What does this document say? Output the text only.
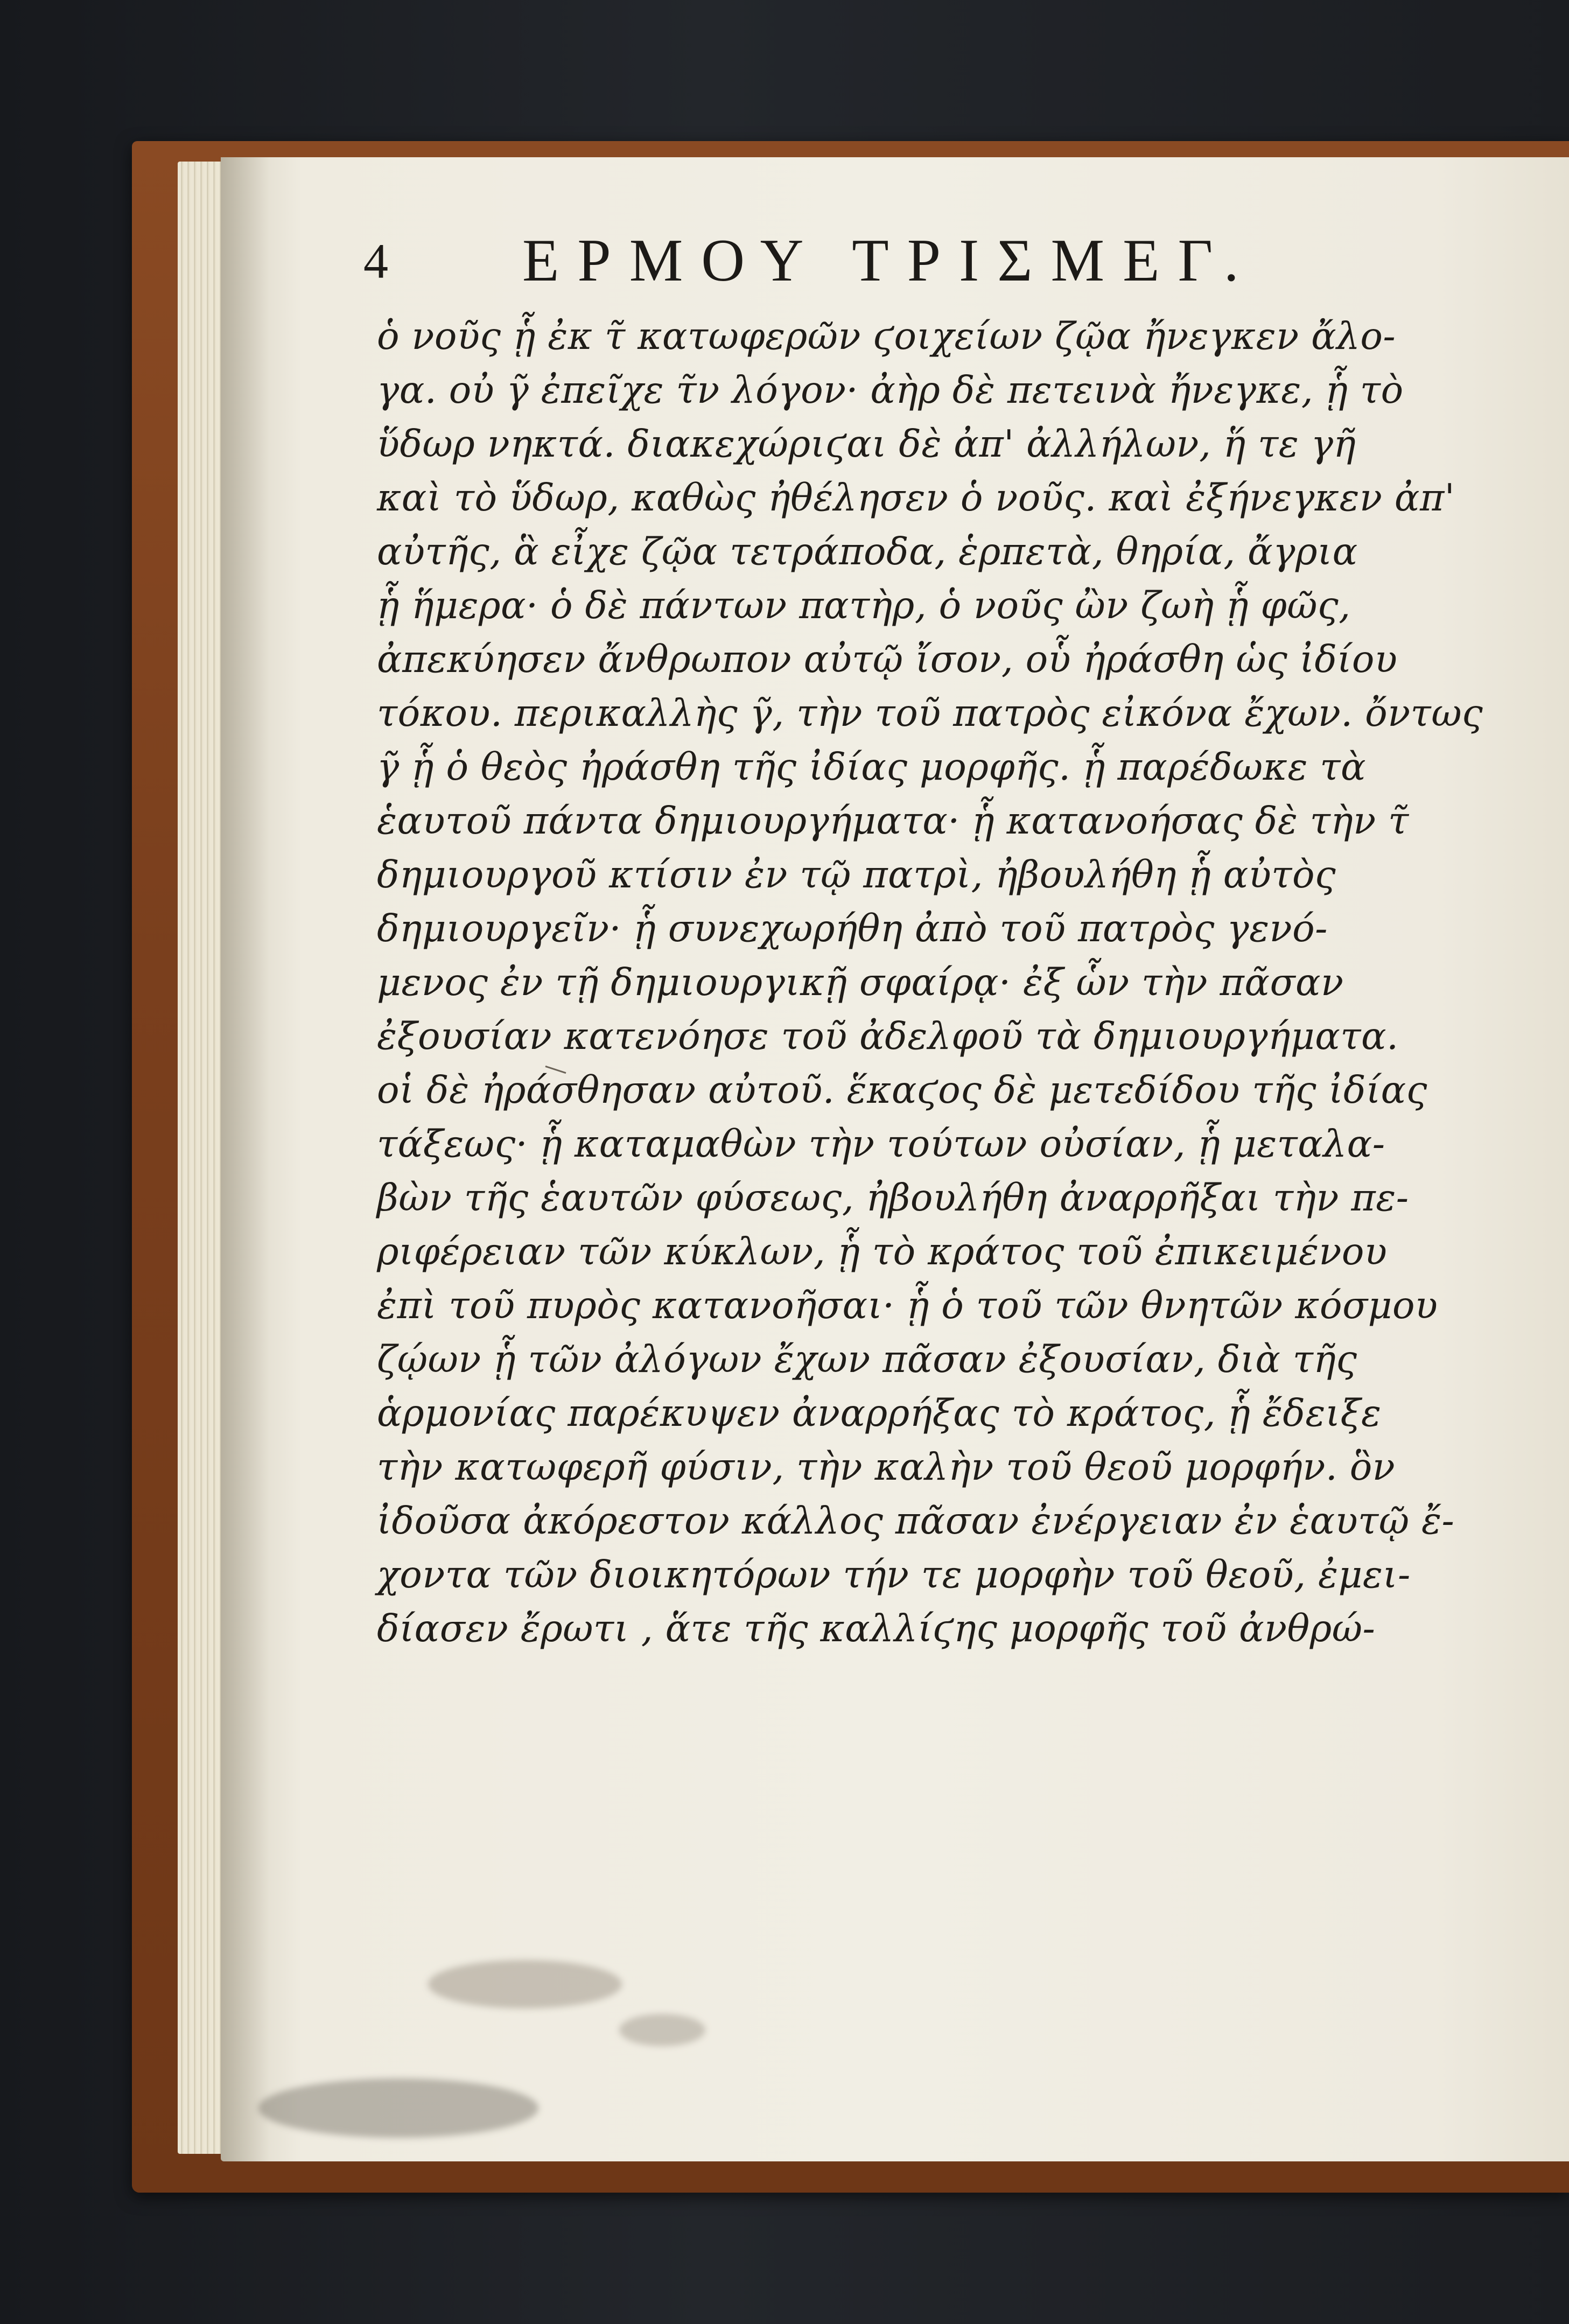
4 ΕΡΜΟΥ ΤΡΙΣΜΕΓ.
ὁ νοῦς ᾗ ἐκ τ̃ κατωφερῶν ϛοιχείων ζῷα ἤνεγκεν ἄλο-
γα. οὐ γ̃ ἐπεῖχε τ̃ν λόγον· ἀὴρ δὲ πετεινὰ ἤνεγκε, ᾗ τὸ
ὕδωρ νηκτά. διακεχώριϛαι δὲ ἀπ' ἀλλήλων, ἥ τε γῆ
καὶ τὸ ὕδωρ, καθὼς ἠθέλησεν ὁ νοῦς. καὶ ἐξήνεγκεν ἀπ'
αὐτῆς, ἃ εἶχε ζῷα τετράποδα, ἑρπετὰ, θηρία, ἄγρια
ᾗ ἥμερα· ὁ δὲ πάντων πατὴρ, ὁ νοῦς ὢν ζωὴ ᾗ φῶς,
ἀπεκύησεν ἄνθρωπον αὐτῷ ἴσον, οὗ ἠράσθη ὡς ἰδίου
τόκου. περικαλλὴς γ̃, τὴν τοῦ πατρὸς εἰκόνα ἔχων. ὄντως
γ̃ ᾗ ὁ θεὸς ἠράσθη τῆς ἰδίας μορφῆς. ᾗ παρέδωκε τὰ
ἑαυτοῦ πάντα δημιουργήματα· ᾗ κατανοήσας δὲ τὴν τ̃
δημιουργοῦ κτίσιν ἐν τῷ πατρὶ, ἠβουλήθη ᾗ αὐτὸς
δημιουργεῖν· ᾗ συνεχωρήθη ἀπὸ τοῦ πατρὸς γενό-
μενος ἐν τῇ δημιουργικῇ σφαίρᾳ· ἐξ ὧν τὴν πᾶσαν
ἐξουσίαν κατενόησε τοῦ ἀδελφοῦ τὰ δημιουργήματα.
οἱ δὲ ἠράσθησαν αὐτοῦ. ἕκαϛος δὲ μετεδίδου τῆς ἰδίας
τάξεως· ᾗ καταμαθὼν τὴν τούτων οὐσίαν, ᾗ μεταλα-
βὼν τῆς ἑαυτῶν φύσεως, ἠβουλήθη ἀναρρῆξαι τὴν πε-
ριφέρειαν τῶν κύκλων, ᾗ τὸ κράτος τοῦ ἐπικειμένου
ἐπὶ τοῦ πυρὸς κατανοῆσαι· ᾗ ὁ τοῦ τῶν θνητῶν κόσμου
ζῴων ᾗ τῶν ἀλόγων ἔχων πᾶσαν ἐξουσίαν, διὰ τῆς
ἁρμονίας παρέκυψεν ἀναρρήξας τὸ κράτος, ᾗ ἔδειξε
τὴν κατωφερῆ φύσιν, τὴν καλὴν τοῦ θεοῦ μορφήν. ὃν
ἰδοῦσα ἀκόρεστον κάλλος πᾶσαν ἐνέργειαν ἐν ἑαυτῷ ἔ-
χοντα τῶν διοικητόρων τήν τε μορφὴν τοῦ θεοῦ, ἐμει-
δίασεν ἔρωτι , ἅτε τῆς καλλίϛης μορφῆς τοῦ ἀνθρώ-
